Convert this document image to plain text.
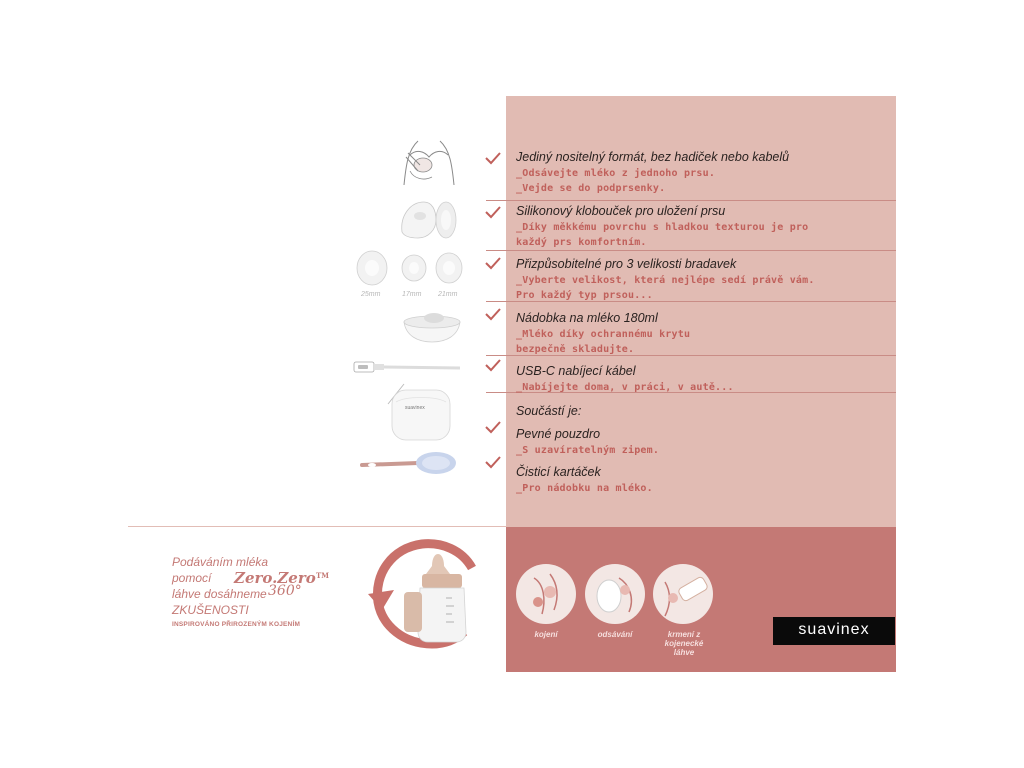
Jediný nositelný formát, bez hadiček nebo kabelů
_Odsávejte mléko z jednoho prsu.
_Vejde se do podprsenky.
Silikonový klobouček pro uložení prsu
_Díky měkkému povrchu s hladkou texturou je pro
každý prs komfortním.
Přizpůsobitelné pro 3 velikosti bradavek
_Vyberte velikost, která nejlépe sedí právě vám.
Pro každý typ prsou...
Nádobka na mléko 180ml
_Mléko díky ochrannému krytu
bezpečně skladujte.
USB-C nabíjecí kábel
_Nabíjejte doma, v práci, v autě...
Součástí je:
Pevné pouzdro
_S uzavíratelným zipem.
Čisticí kartáček
_Pro nádobku na mléko.
25mm	17mm 21mm
suavinex
Podáváním mléka
pomocí Zero.Zero TM
láhve dosáhneme 360°
ZKUŠENOSTI
INSPIROVÁNO PŘIROZENÝM KOJENÍM
kojení	odsávání	krmení z kojenecké láhve
suavinex
